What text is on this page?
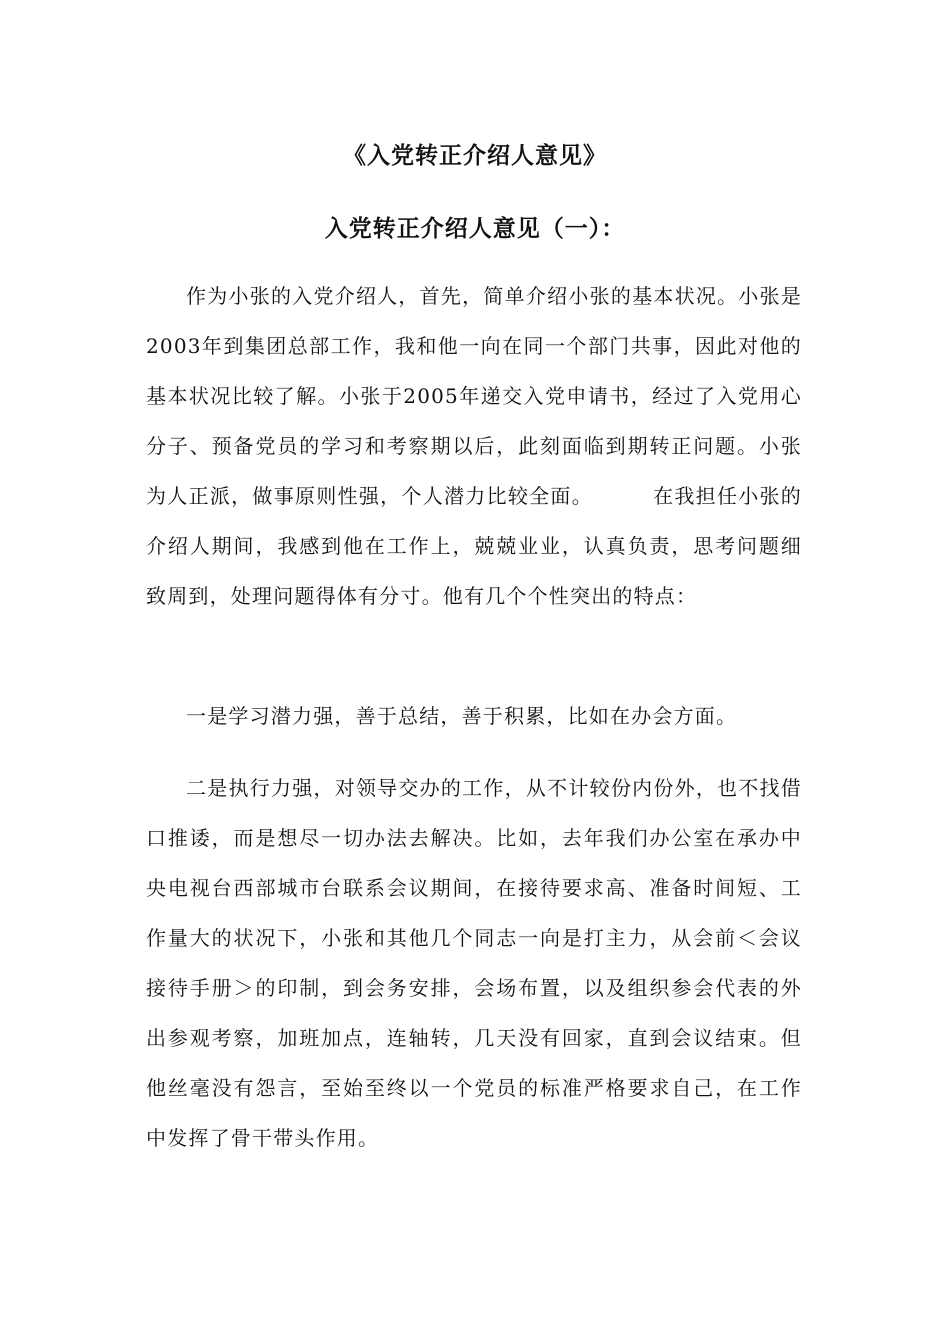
《入党转正介绍人意见》
入党转正介绍人意见（一）：

作为小张的入党介绍人，首先，简单介绍小张的基本状况。小张是2003年到集团总部工作，我和他一向在同一个部门共事，因此对他的基本状况比较了解。小张于2005年递交入党申请书，经过了入党用心分子、预备党员的学习和考察期以后，此刻面临到期转正问题。小张为人正派，做事原则性强，个人潜力比较全面。	在我担任小张的介绍人期间，我感到他在工作上，兢兢业业，认真负责，思考问题细致周到，处理问题得体有分寸。他有几个个性突出的特点：

一是学习潜力强，善于总结，善于积累，比如在办会方面。

二是执行力强，对领导交办的工作，从不计较份内份外，也不找借口推诿，而是想尽一切办法去解决。比如，去年我们办公室在承办中央电视台西部城市台联系会议期间，在接待要求高、准备时间短、工作量大的状况下，小张和其他几个同志一向是打主力，从会前＜会议接待手册＞的印制，到会务安排，会场布置，以及组织参会代表的外出参观考察，加班加点，连轴转，几天没有回家，直到会议结束。但他丝毫没有怨言，至始至终以一个党员的标准严格要求自己，在工作中发挥了骨干带头作用。
